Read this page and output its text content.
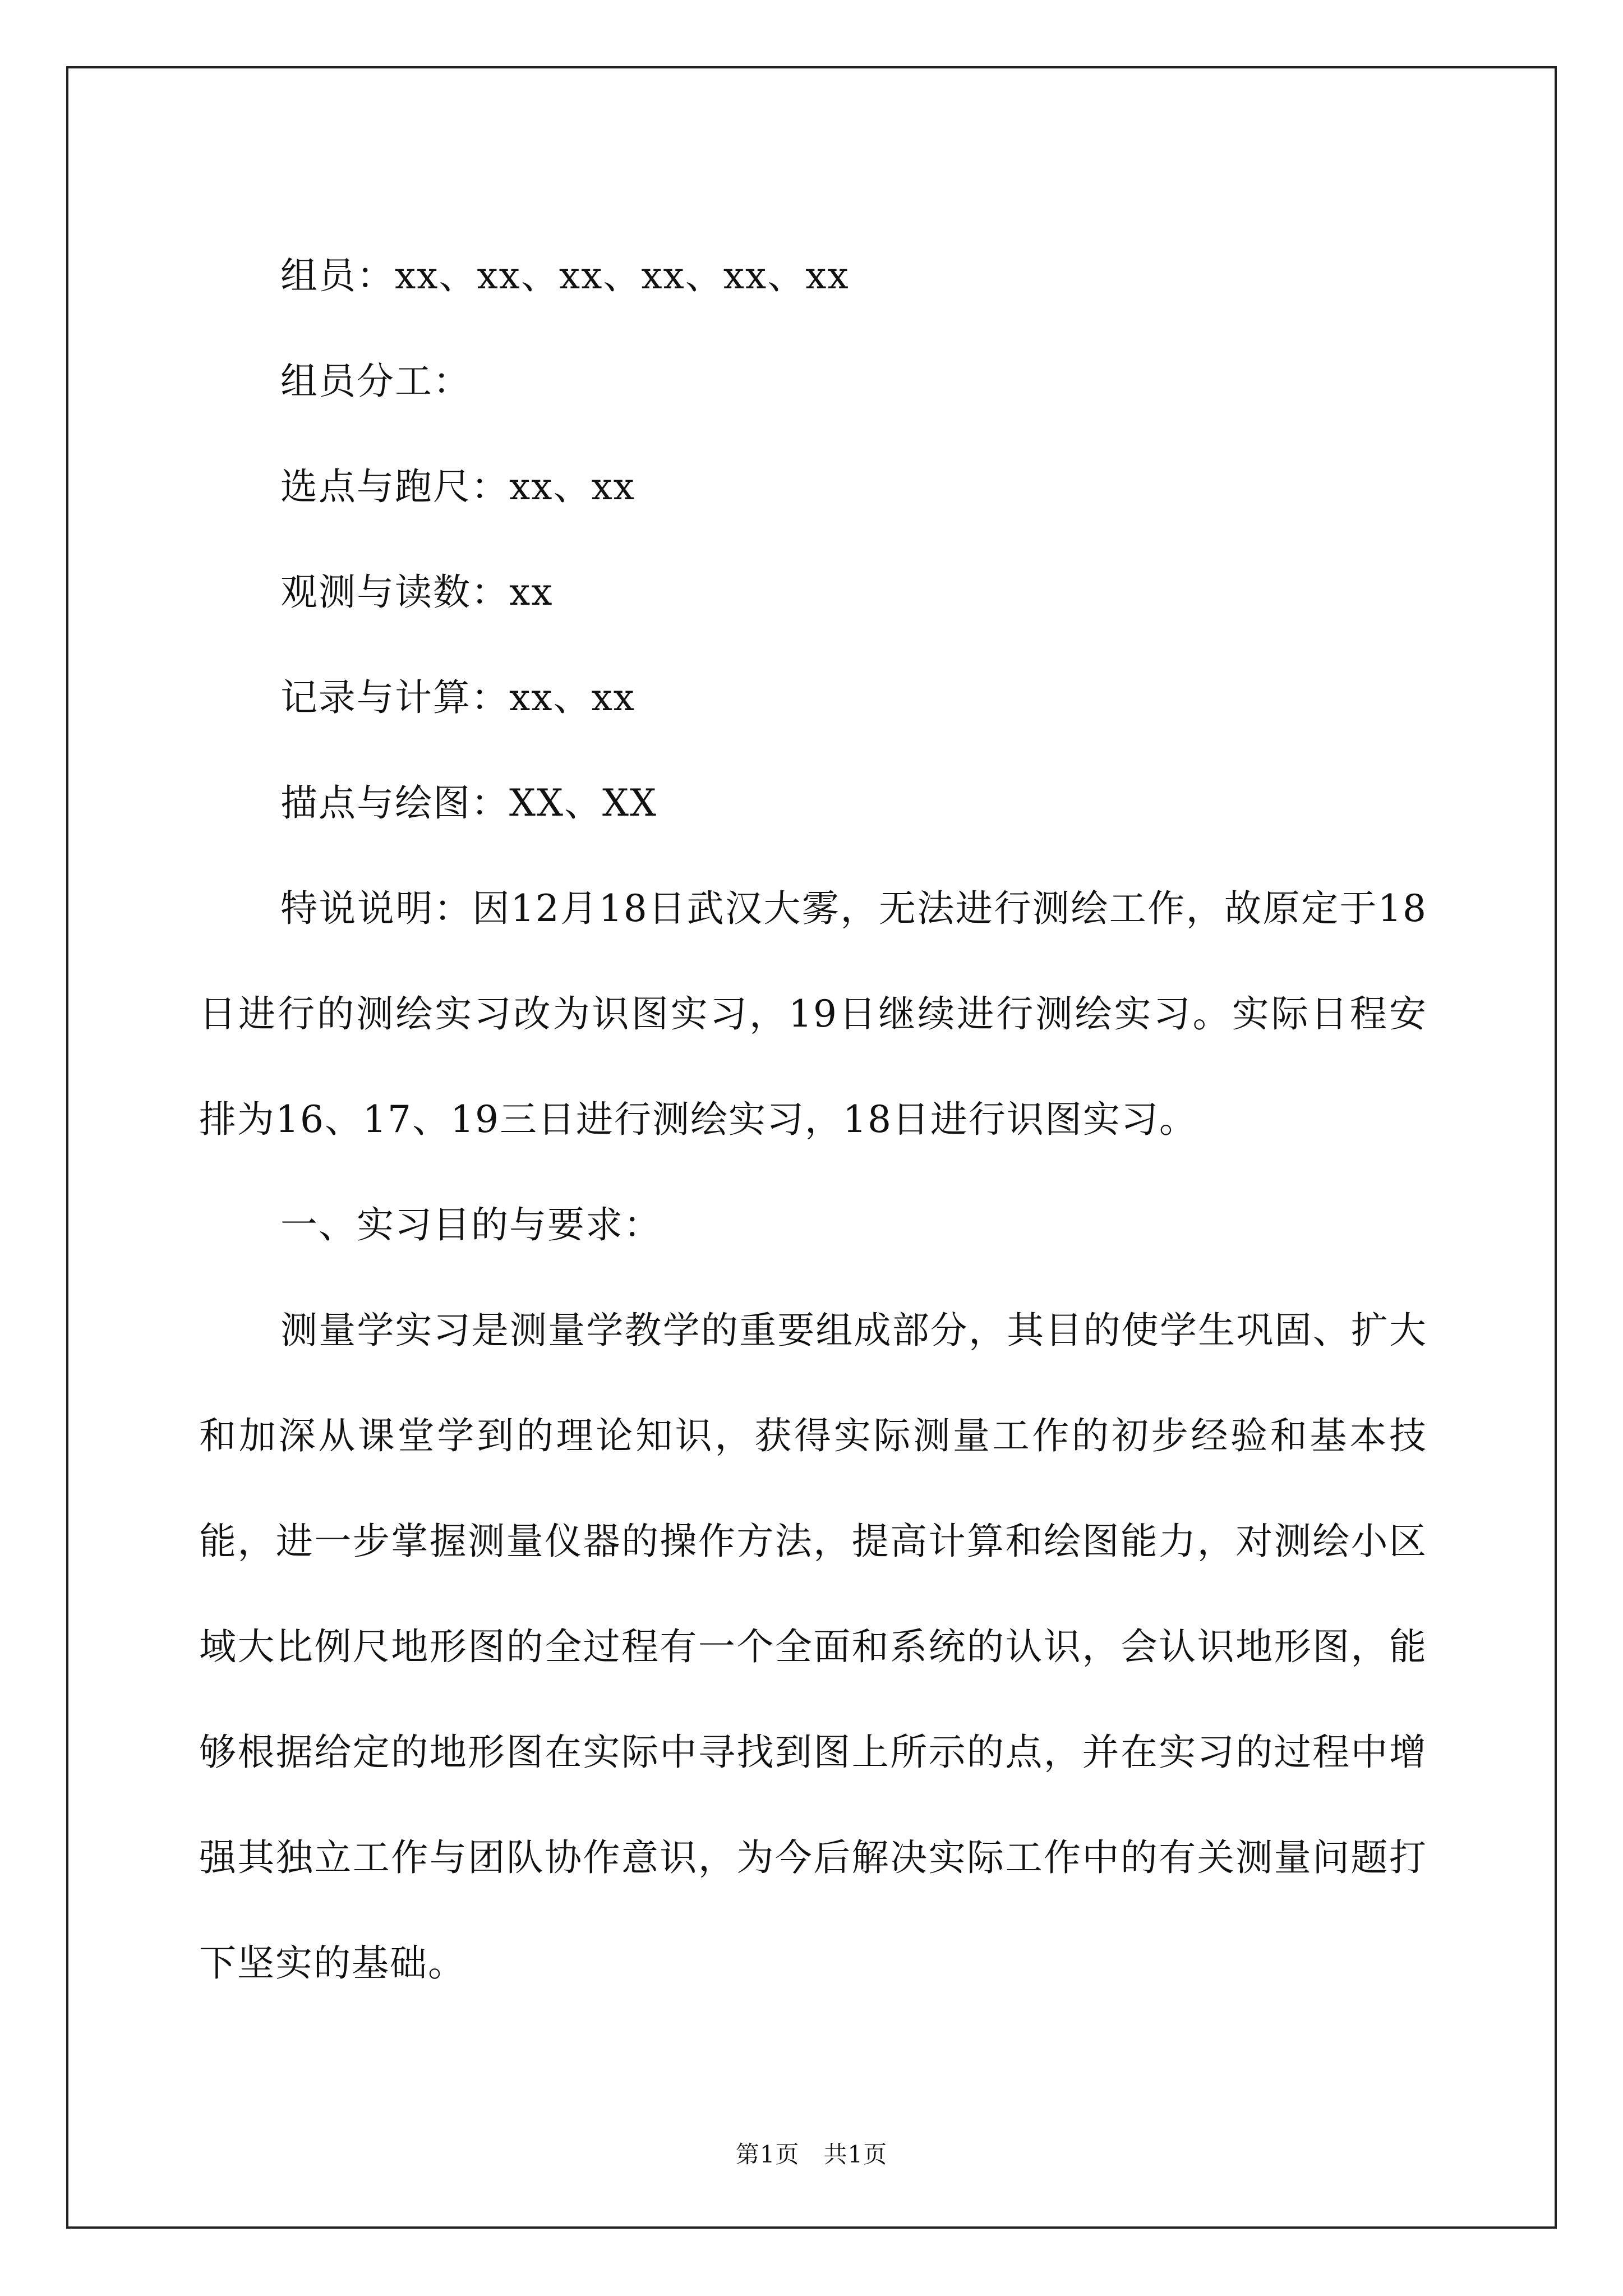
组员：xx、xx、xx、xx、xx、xx
组员分工：
选点与跑尺：xx、xx
观测与读数：xx
记录与计算：xx、xx
描点与绘图：XX、XX

特说说明：因12月18日武汉大雾，无法进行测绘工作，故原定于18日进行的测绘实习改为识图实习，19日继续进行测绘实习。实际日程安排为16、17、19三日进行测绘实习，18日进行识图实习。

一、实习目的与要求：

测量学实习是测量学教学的重要组成部分，其目的使学生巩固、扩大和加深从课堂学到的理论知识，获得实际测量工作的初步经验和基本技能，进一步掌握测量仪器的操作方法，提高计算和绘图能力，对测绘小区域大比例尺地形图的全过程有一个全面和系统的认识，会认识地形图，能够根据给定的地形图在实际中寻找到图上所示的点，并在实习的过程中增强其独立工作与团队协作意识，为今后解决实际工作中的有关测量问题打下坚实的基础。

第1页　共1页
